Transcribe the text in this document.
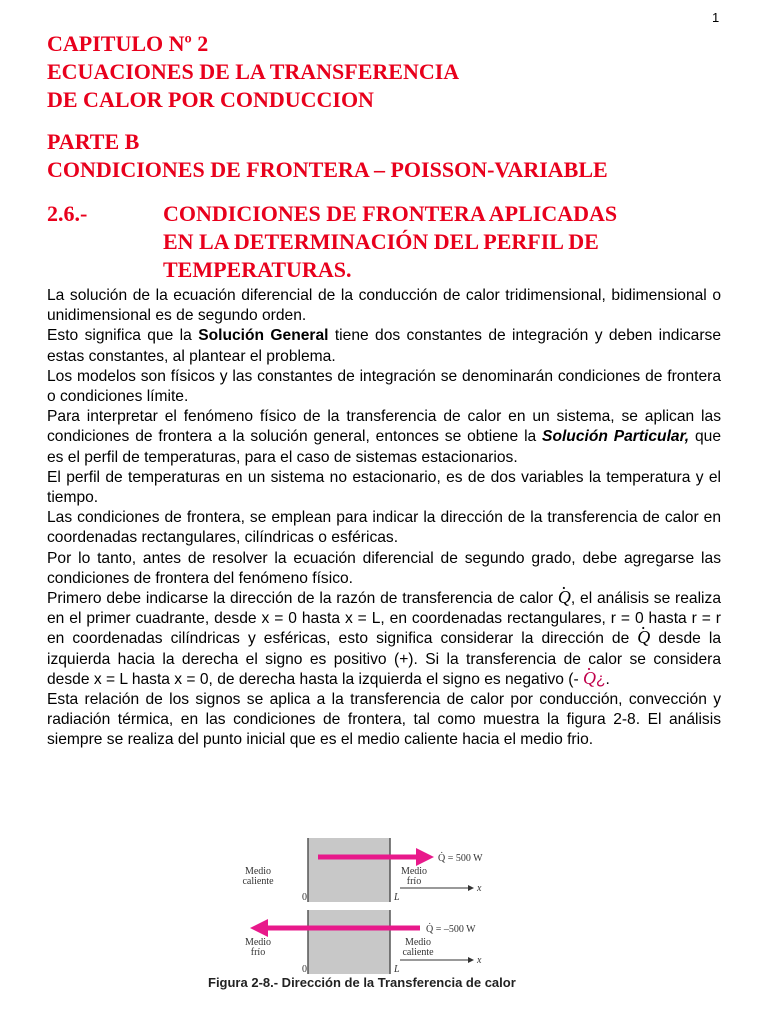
1
CAPITULO Nº 2
ECUACIONES DE LA TRANSFERENCIA
DE CALOR POR CONDUCCION
PARTE B
CONDICIONES DE FRONTERA – POISSON-VARIABLE
2.6.-	CONDICIONES DE FRONTERA APLICADAS
EN LA DETERMINACIÓN DEL PERFIL DE
TEMPERATURAS.

La solución de la ecuación diferencial de la conducción de calor tridimensional, bidimensional o unidimensional es de segundo orden.

Esto significa que la Solución General tiene dos constantes de integración y deben indicarse estas constantes, al plantear el problema.

Los modelos son físicos y las constantes de integración se denominarán condiciones de frontera o condiciones límite.

Para interpretar el fenómeno físico de la transferencia de calor en un sistema, se aplican las condiciones de frontera a la solución general, entonces se obtiene la Solución Particular, que es el perfil de temperaturas, para el caso de sistemas estacionarios.

El perfil de temperaturas en un sistema no estacionario, es de dos variables la temperatura y el tiempo.

Las condiciones de frontera, se emplean para indicar la dirección de la transferencia de calor en coordenadas rectangulares, cilíndricas o esféricas.

Por lo tanto, antes de resolver la ecuación diferencial de segundo grado, debe agregarse las condiciones de frontera del fenómeno físico.

Primero debe indicarse la dirección de la razón de transferencia de calor · Q, el análisis se realiza en el primer cuadrante, desde x = 0 hasta x = L, en coordenadas rectangulares, r = 0 hasta r = r en coordenadas cilíndricas y esféricas, esto significa considerar la dirección de · Q desde la izquierda hacia la derecha el signo es positivo (+). Si la transferencia de calor se considera desde x = L hasta x = 0, de derecha hasta la izquierda el signo es negativo (- · Q¿.

Esta relación de los signos se aplica a la transferencia de calor por conducción, convección y radiación térmica, en las condiciones de frontera, tal como muestra la figura 2-8. El análisis siempre se realiza del punto inicial que es el medio caliente hacia el medio frio.

Q̇ = 500 W
Medio
caliente
Medio
frío
x
0	L
Q̇ = –500 W
Medio
frío
Medio
caliente
x
0	L
Figura 2-8.- Dirección de la Transferencia de calor
